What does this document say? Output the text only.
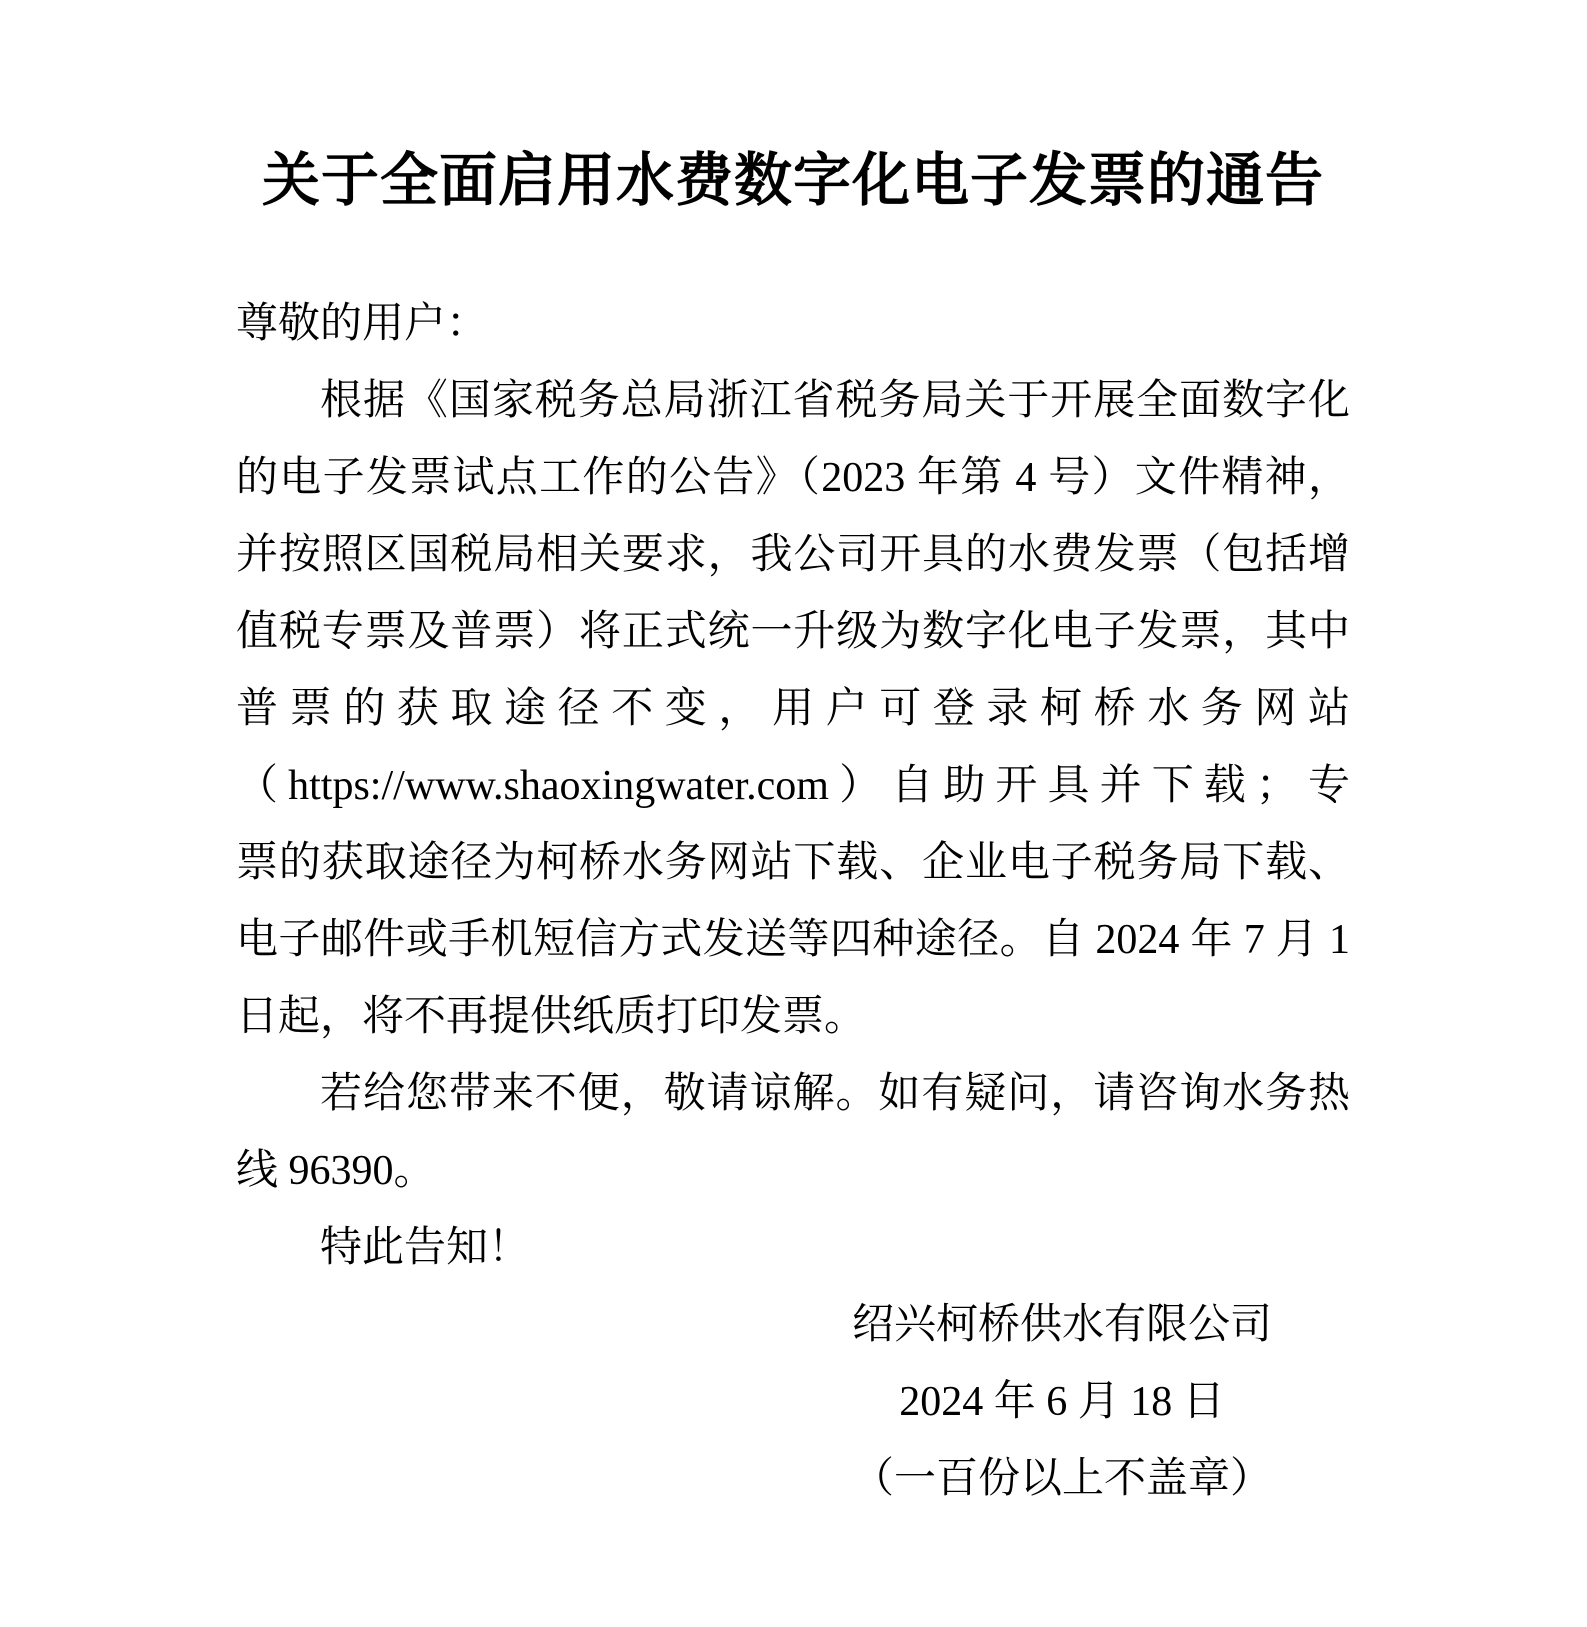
关于全面启用水费数字化电子发票的通告
尊敬的用户：
根据《国家税务总局浙江省税务局关于开展全面数字化
的电子发票试点工作的公告》（2023 年第 4 号）文件精神，
并按照区国税局相关要求，我公司开具的水费发票（包括增
值税专票及普票）将正式统一升级为数字化电子发票，其中
普票的获取途径不变，用户可登录柯桥水务网站
（https://www.shaoxingwater.com）自助开具并下载；专
票的获取途径为柯桥水务网站下载、企业电子税务局下载、
电子邮件或手机短信方式发送等四种途径。自 2024 年 7 月 1
日起，将不再提供纸质打印发票。
若给您带来不便，敬请谅解。如有疑问，请咨询水务热
线 96390。
特此告知！
绍兴柯桥供水有限公司
2024 年 6 月 18 日
（一百份以上不盖章）
